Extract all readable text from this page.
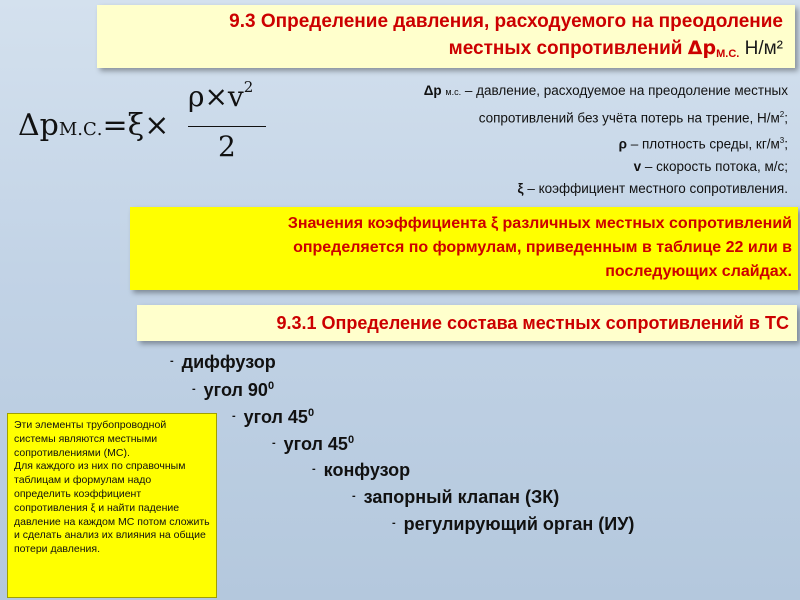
9.3 Определение давления, расходуемого на преодоление
местных сопротивлений $\Delta p_{М.С.}$ Н/м²
ΔpМ.С.=ξ×
$\rho\times v^2$
2
Δp м.с. – давление, расходуемое на преодоление местных
сопротивлений без учёта потерь на трение, $Н/м^2$;
ρ – плотность среды, $кг/м^3$;
v – скорость потока, м/с;
ξ – коэффициент местного сопротивления.
Значения коэффициента ξ различных местных сопротивлений
определяется по формулам, приведенным в таблице 22 или в
последующих слайдах.
9.3.1 Определение состава местных сопротивлений в ТС
- диффузор
- угол $90^0$
- угол $45^0$
- угол $45^0$
- конфузор
- запорный клапан (ЗК)
- регулирующий орган (ИУ)
Эти элементы трубопроводной системы являются местными сопротивлениями (МС).
Для каждого из них по справочным таблицам и формулам надо определить коэффициент сопротивления ξ и найти падение давление на каждом МС потом сложить и сделать анализ их влияния на общие потери давления.
